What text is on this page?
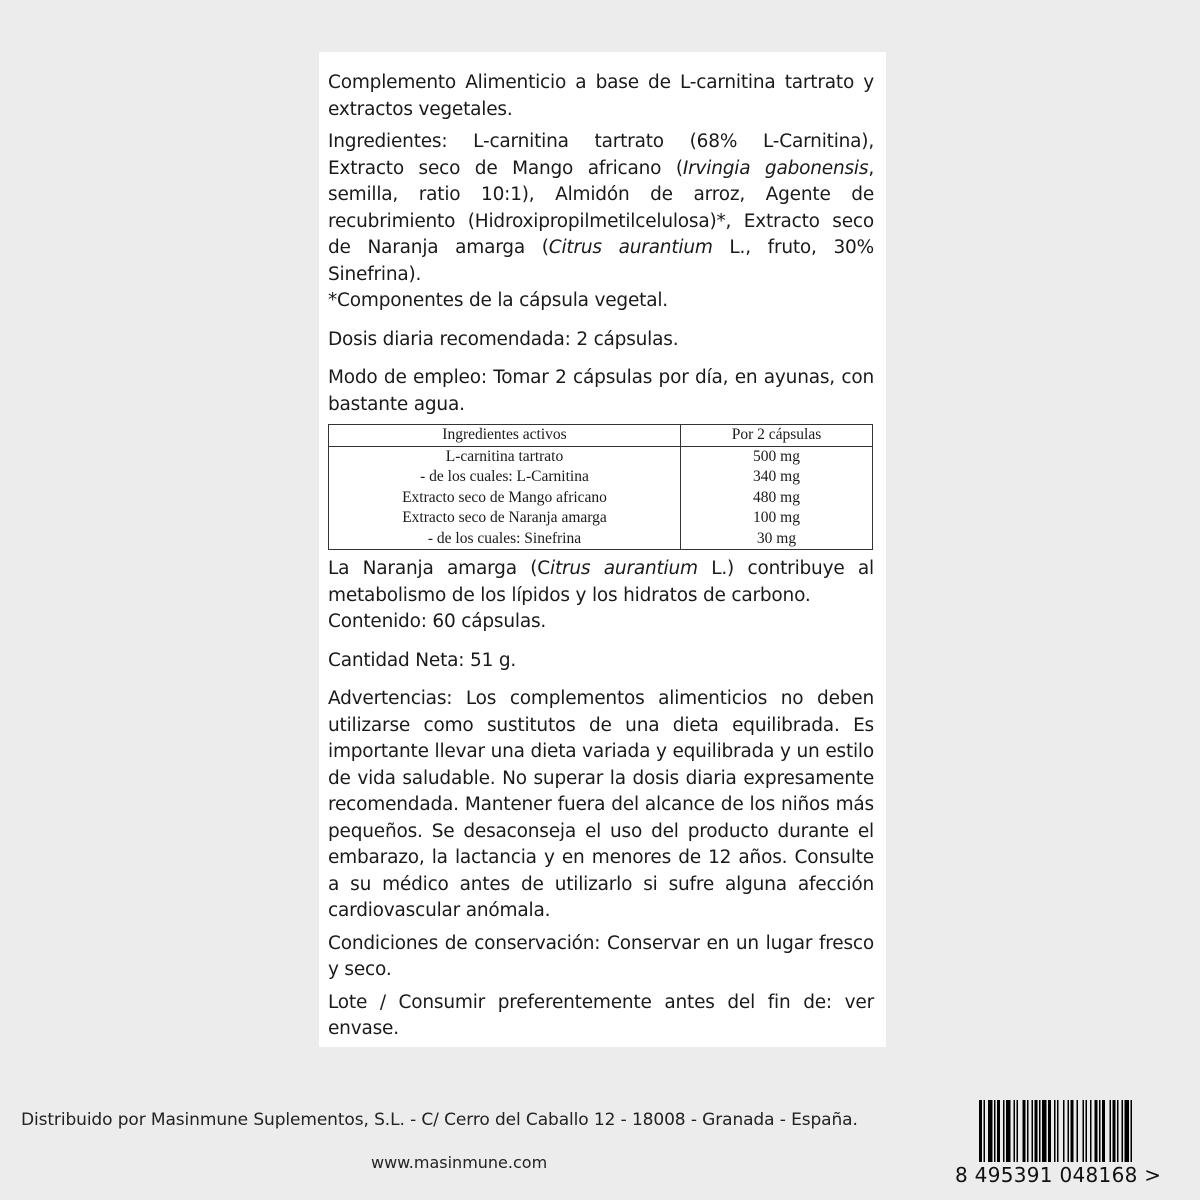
Complemento Alimenticio a base de L-carnitina tartrato y extractos vegetales.

Ingredientes: L-carnitina tartrato (68% L-Carnitina), Extracto seco de Mango africano (Irvingia gabonensis, semilla, ratio 10:1), Almidón de arroz, Agente de recubrimiento (Hidroxipropilmetilcelulosa)*, Extracto seco de Naranja amarga (Citrus aurantium L., fruto, 30% Sinefrina).

*Componentes de la cápsula vegetal.

Dosis diaria recomendada: 2 cápsulas.

Modo de empleo: Tomar 2 cápsulas por día, en ayunas, con bastante agua.

Ingredientes activos	Por 2 cápsulas
L-carnitina tartrato	500 mg
- de los cuales: L-Carnitina	340 mg
Extracto seco de Mango africano	480 mg
Extracto seco de Naranja amarga	100 mg
- de los cuales: Sinefrina	30 mg

La Naranja amarga (Citrus aurantium L.) contribuye al metabolismo de los lípidos y los hidratos de carbono.

Contenido: 60 cápsulas.

Cantidad Neta: 51 g.

Advertencias: Los complementos alimenticios no deben utilizarse como sustitutos de una dieta equilibrada. Es importante llevar una dieta variada y equilibrada y un estilo de vida saludable. No superar la dosis diaria expresamente recomendada. Mantener fuera del alcance de los niños más pequeños. Se desaconseja el uso del producto durante el embarazo, la lactancia y en menores de 12 años. Consulte a su médico antes de utilizarlo si sufre alguna afección cardiovascular anómala.

Condiciones de conservación: Conservar en un lugar fresco y seco.

Lote / Consumir preferentemente antes del fin de: ver envase.

Distribuido por Masinmune Suplementos, S.L. - C/ Cerro del Caballo 12 - 18008 - Granada - España.
www.masinmune.com
8 495391 048168 >
